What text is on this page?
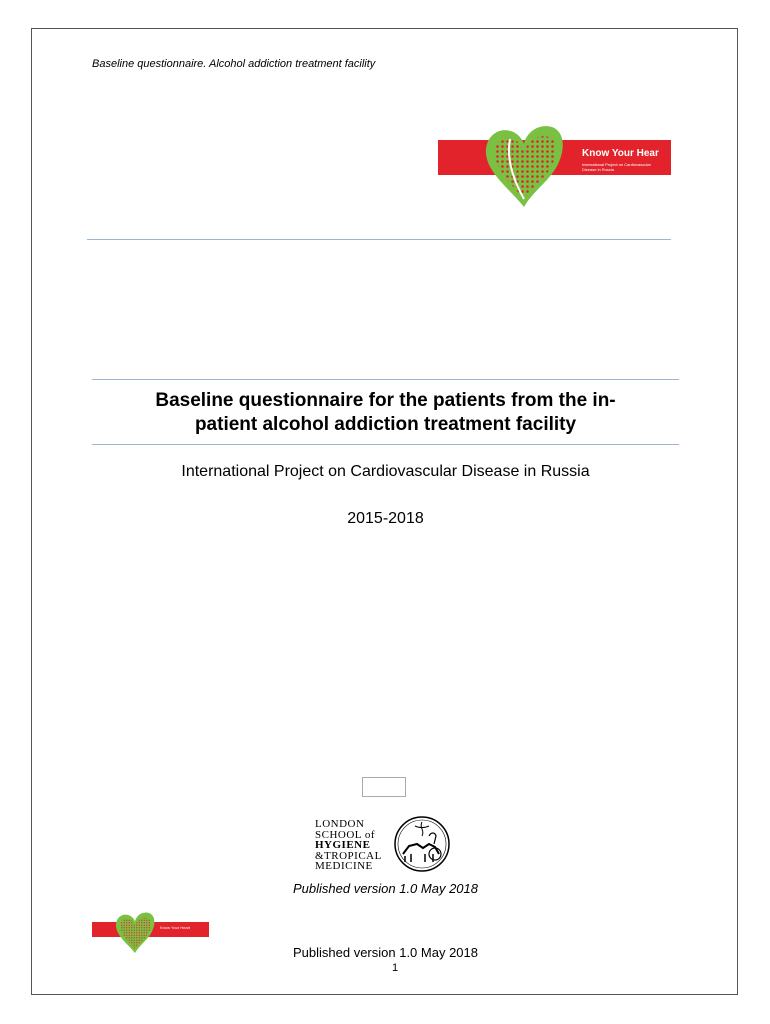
Baseline questionnaire. Alcohol addiction treatment facility
Know Your Hear
International Project on Cardiovascular Disease in Russia
Baseline questionnaire for the patients from the in-
patient alcohol addiction treatment facility
International Project on Cardiovascular Disease in Russia
2015-2018
LONDON
SCHOOL of
HYGIENE
&TROPICAL
MEDICINE
Published version 1.0 May 2018
Know Your Heart
Published version 1.0 May 2018
1
